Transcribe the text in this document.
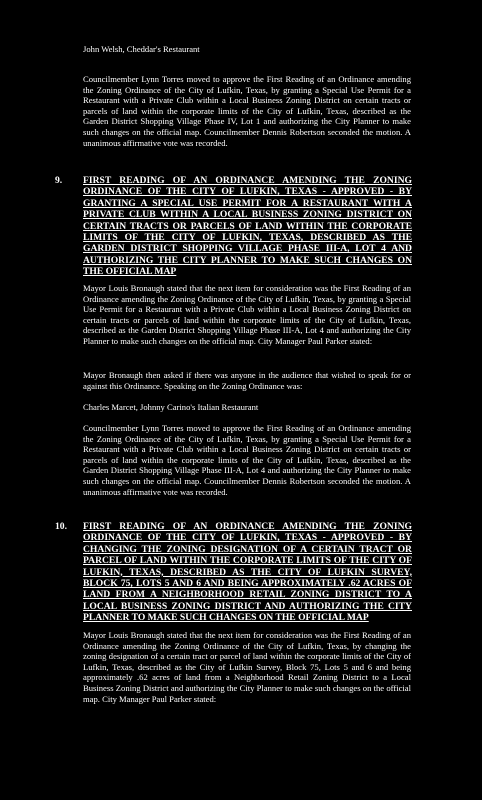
John Welsh, Cheddar's Restaurant

Councilmember Lynn Torres moved to approve the First Reading of an Ordinance amending the Zoning Ordinance of the City of Lufkin, Texas, by granting a Special Use Permit for a Restaurant with a Private Club within a Local Business Zoning District on certain tracts or parcels of land within the corporate limits of the City of Lufkin, Texas, described as the Garden District Shopping Village Phase IV, Lot 1 and authorizing the City Planner to make such changes on the official map. Councilmember Dennis Robertson seconded the motion. A unanimous affirmative vote was recorded.

9. FIRST READING OF AN ORDINANCE AMENDING THE ZONING ORDINANCE OF THE CITY OF LUFKIN, TEXAS - APPROVED - BY GRANTING A SPECIAL USE PERMIT FOR A RESTAURANT WITH A PRIVATE CLUB WITHIN A LOCAL BUSINESS ZONING DISTRICT ON CERTAIN TRACTS OR PARCELS OF LAND WITHIN THE CORPORATE LIMITS OF THE CITY OF LUFKIN, TEXAS, DESCRIBED AS THE GARDEN DISTRICT SHOPPING VILLAGE PHASE III-A, LOT 4 AND AUTHORIZING THE CITY PLANNER TO MAKE SUCH CHANGES ON THE OFFICIAL MAP

Mayor Louis Bronaugh stated that the next item for consideration was the First Reading of an Ordinance amending the Zoning Ordinance of the City of Lufkin, Texas, by granting a Special Use Permit for a Restaurant with a Private Club within a Local Business Zoning District on certain tracts or parcels of land within the corporate limits of the City of Lufkin, Texas, described as the Garden District Shopping Village Phase III-A, Lot 4 and authorizing the City Planner to make such changes on the official map. City Manager Paul Parker stated:

Mayor Bronaugh then asked if there was anyone in the audience that wished to speak for or against this Ordinance. Speaking on the Zoning Ordinance was:

Charles Marcet, Johnny Carino's Italian Restaurant

Councilmember Lynn Torres moved to approve the First Reading of an Ordinance amending the Zoning Ordinance of the City of Lufkin, Texas, by granting a Special Use Permit for a Restaurant with a Private Club within a Local Business Zoning District on certain tracts or parcels of land within the corporate limits of the City of Lufkin, Texas, described as the Garden District Shopping Village Phase III-A, Lot 4 and authorizing the City Planner to make such changes on the official map. Councilmember Dennis Robertson seconded the motion. A unanimous affirmative vote was recorded.

10. FIRST READING OF AN ORDINANCE AMENDING THE ZONING ORDINANCE OF THE CITY OF LUFKIN, TEXAS - APPROVED - BY CHANGING THE ZONING DESIGNATION OF A CERTAIN TRACT OR PARCEL OF LAND WITHIN THE CORPORATE LIMITS OF THE CITY OF LUFKIN, TEXAS, DESCRIBED AS THE CITY OF LUFKIN SURVEY, BLOCK 75, LOTS 5 AND 6 AND BEING APPROXIMATELY .62 ACRES OF LAND FROM A NEIGHBORHOOD RETAIL ZONING DISTRICT TO A LOCAL BUSINESS ZONING DISTRICT AND AUTHORIZING THE CITY PLANNER TO MAKE SUCH CHANGES ON THE OFFICIAL MAP

Mayor Louis Bronaugh stated that the next item for consideration was the First Reading of an Ordinance amending the Zoning Ordinance of the City of Lufkin, Texas, by changing the zoning designation of a certain tract or parcel of land within the corporate limits of the City of Lufkin, Texas, described as the City of Lufkin Survey, Block 75, Lots 5 and 6 and being approximately .62 acres of land from a Neighborhood Retail Zoning District to a Local Business Zoning District and authorizing the City Planner to make such changes on the official map. City Manager Paul Parker stated:
